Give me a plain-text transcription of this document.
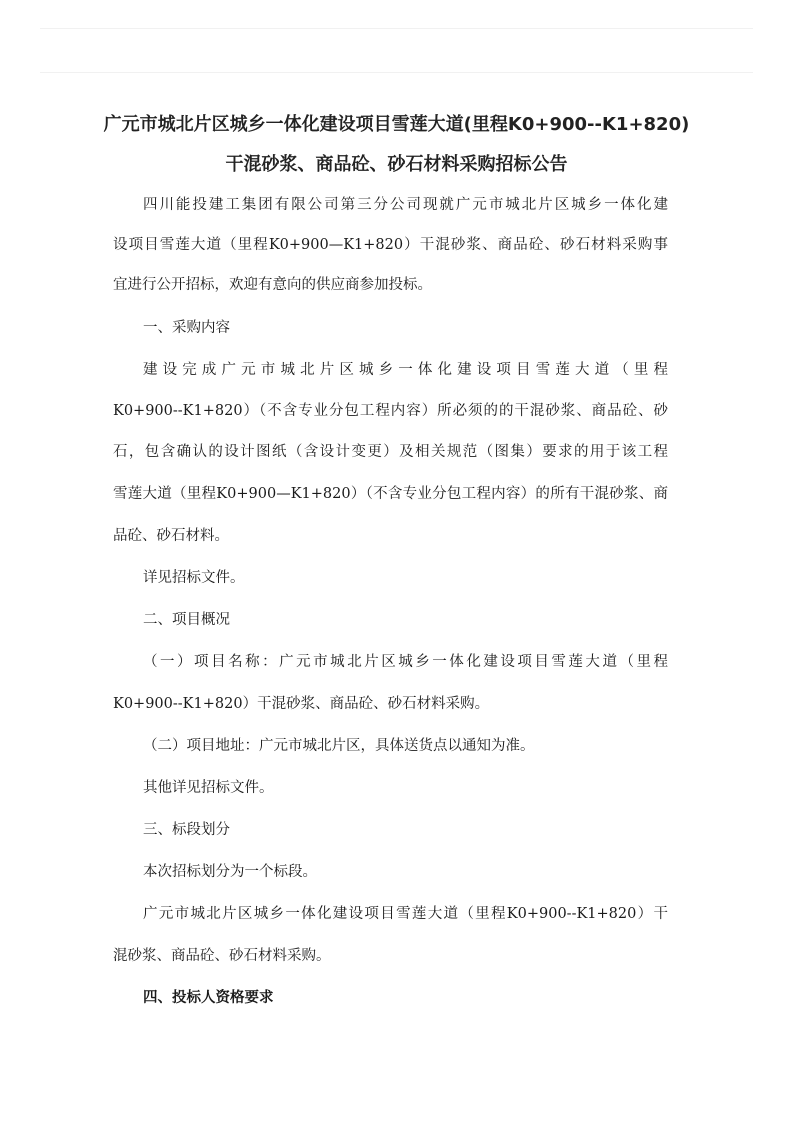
广元市城北片区城乡一体化建设项目雪莲大道(里程K0+900--K1+820)
干混砂浆、商品砼、砂石材料采购招标公告
四川能投建工集团有限公司第三分公司现就广元市城北片区城乡一体化建
设项目雪莲大道（里程K0+900—K1+820）干混砂浆、商品砼、砂石材料采购事
宜进行公开招标，欢迎有意向的供应商参加投标。
一、采购内容
建设完成广元市城北片区城乡一体化建设项目雪莲大道（里程
K0+900--K1+820）（不含专业分包工程内容）所必须的的干混砂浆、商品砼、砂
石，包含确认的设计图纸（含设计变更）及相关规范（图集）要求的用于该工程
雪莲大道（里程K0+900—K1+820）（不含专业分包工程内容）的所有干混砂浆、商
品砼、砂石材料。
详见招标文件。
二、项目概况
（一）项目名称：广元市城北片区城乡一体化建设项目雪莲大道（里程
K0+900--K1+820）干混砂浆、商品砼、砂石材料采购。
（二）项目地址：广元市城北片区，具体送货点以通知为准。
其他详见招标文件。
三、标段划分
本次招标划分为一个标段。
广元市城北片区城乡一体化建设项目雪莲大道（里程K0+900--K1+820）干
混砂浆、商品砼、砂石材料采购。
四、投标人资格要求
